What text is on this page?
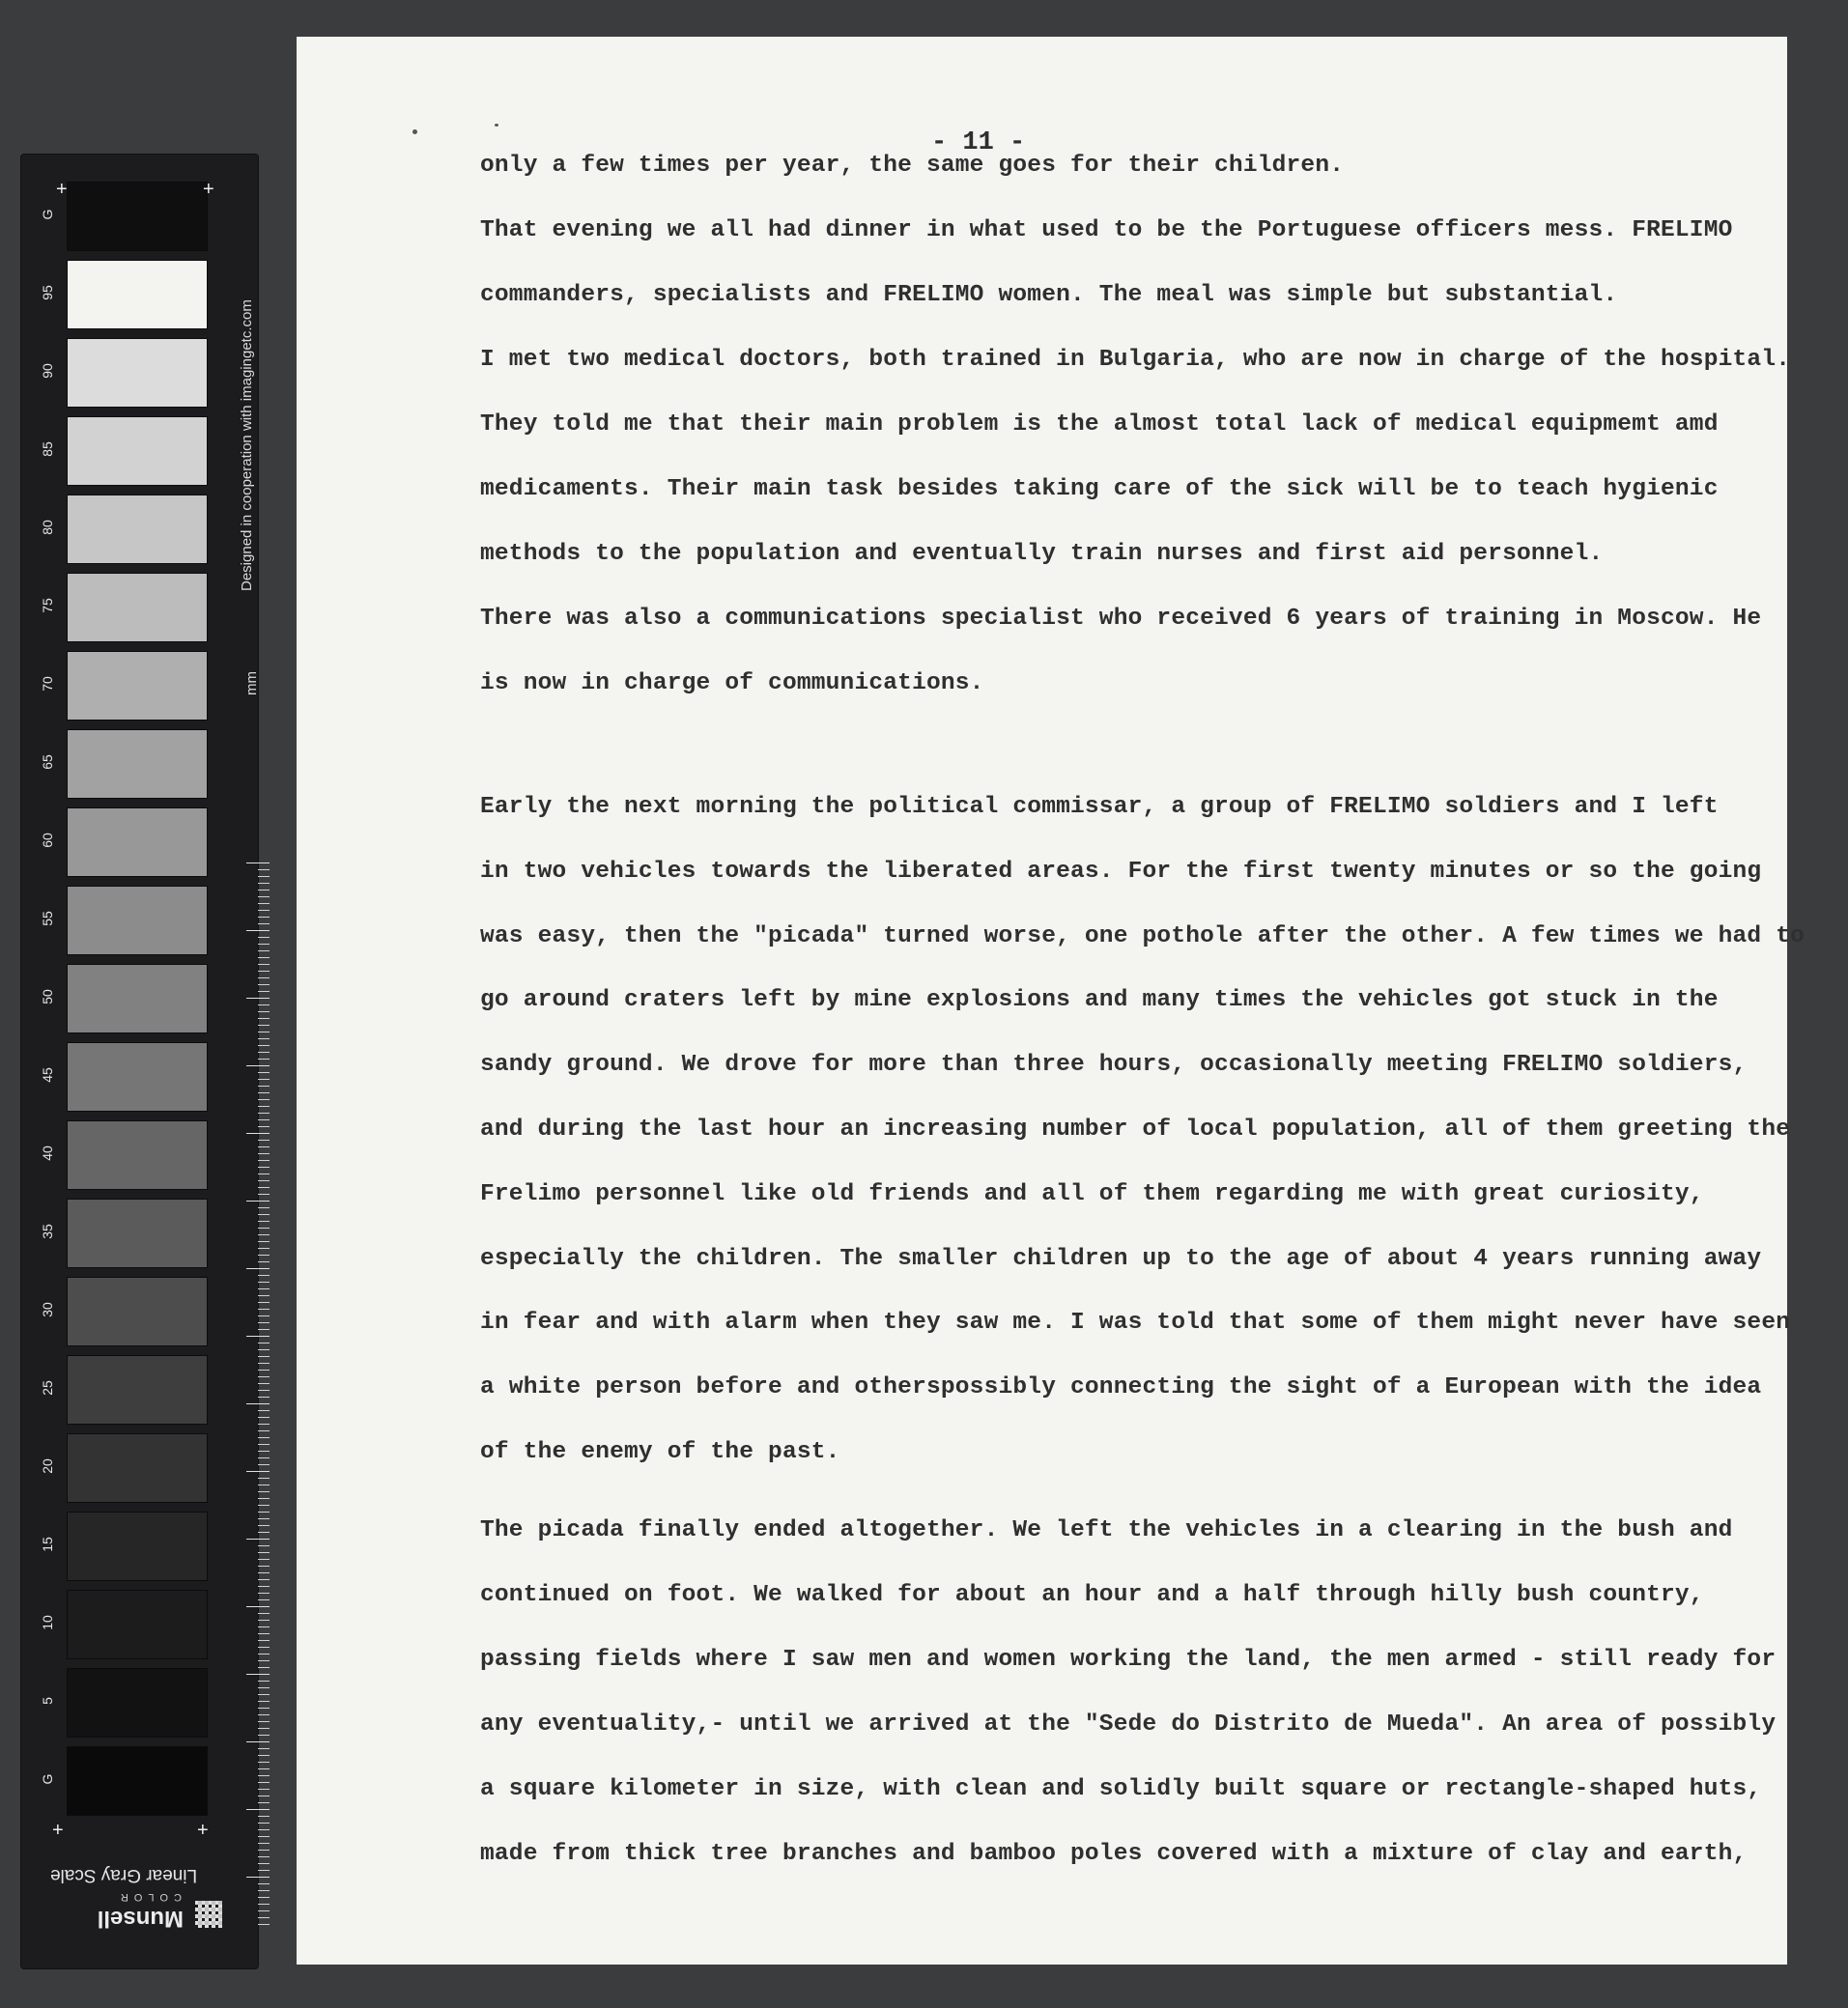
G
95
90
85
80
75
70
65
60
55
50
45
40
35
30
25
20
15
10
5
G
Designed in cooperation with imagingetc.com
mm
+	+
+	+
Linear Gray Scale
Munsell
COLOR
- 11 -
only a few times per year, the same goes for their children.
That evening we all had dinner in what used to be the Portuguese officers mess. FRELIMO
commanders, specialists and FRELIMO women. The meal was simple but substantial.
I met two medical doctors, both trained in Bulgaria, who are now in charge of the hospital.
They told me that their main problem is the almost total lack of medical equipmemt amd
medicaments. Their main task besides taking care of the sick will be to teach hygienic
methods to the population and eventually train nurses and first aid personnel.
There was also a communications specialist who received 6 years of training in Moscow. He
is now in charge of communications.
Early the next morning the political commissar, a group of FRELIMO soldiers and I left
in two vehicles towards the liberated areas. For the first twenty minutes or so the going
was easy, then the "picada" turned worse, one pothole after the other. A few times we had to
go around craters left by mine explosions and many times the vehicles got stuck in the
sandy ground. We drove for more than three hours, occasionally meeting FRELIMO soldiers,
and during the last hour an increasing number of local population, all of them greeting the
Frelimo personnel like old friends and all of them regarding me with great curiosity,
especially the children. The smaller children up to the age of about 4 years running away
in fear and with alarm when they saw me. I was told that some of them might never have seen
a white person before and otherspossibly connecting the sight of a European with the idea
of the enemy of the past.
The picada finally ended altogether. We left the vehicles in a clearing in the bush and
continued on foot. We walked for about an hour and a half through hilly bush country,
passing fields where I saw men and women working the land, the men armed - still ready for
any eventuality,- until we arrived at the "Sede do Distrito de Mueda". An area of possibly
a square kilometer in size, with clean and solidly built square or rectangle-shaped huts,
made from thick tree branches and bamboo poles covered with a mixture of clay and earth,
